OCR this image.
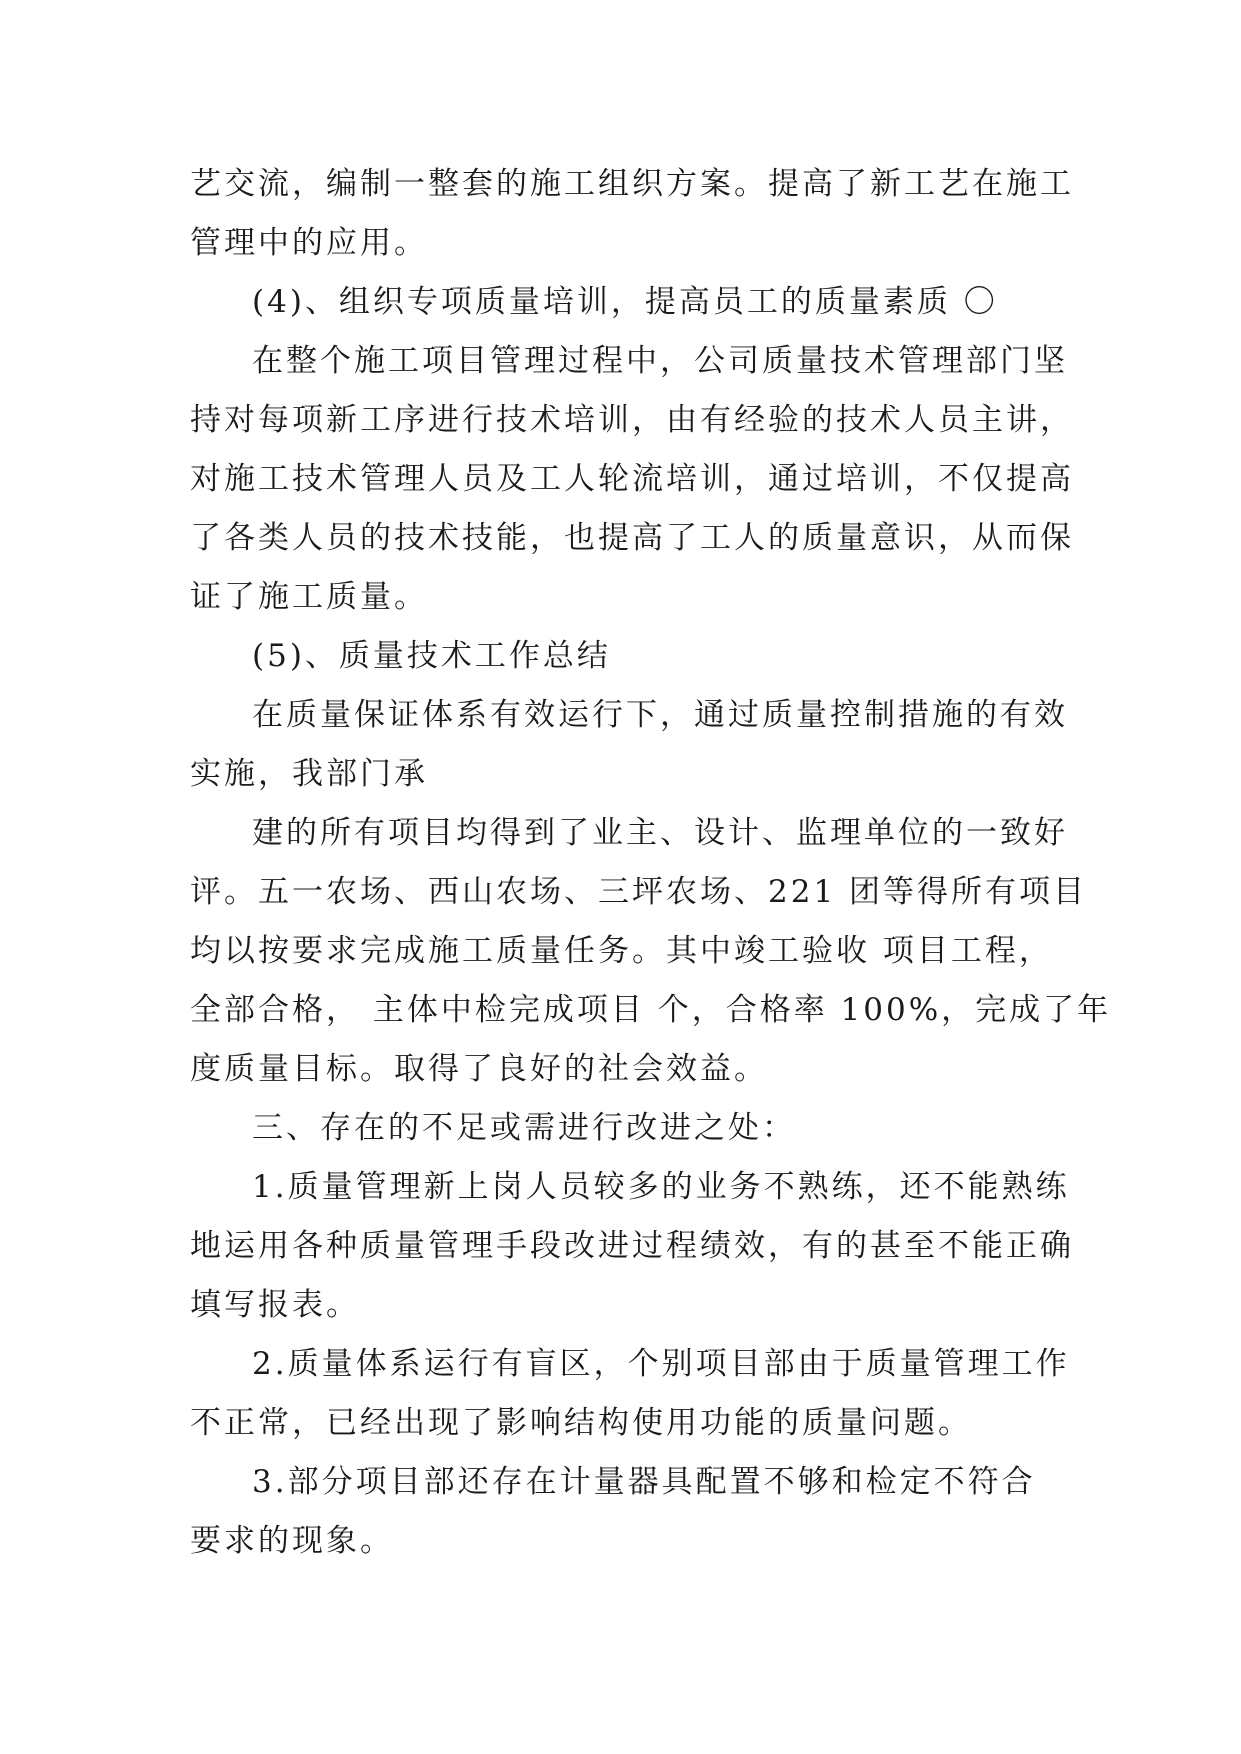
艺交流，编制一整套的施工组织方案。提高了新工艺在施工
管理中的应用。
(4)、组织专项质量培训，提高员工的质量素质 〇
在整个施工项目管理过程中，公司质量技术管理部门坚
持对每项新工序进行技术培训，由有经验的技术人员主讲，
对施工技术管理人员及工人轮流培训，通过培训，不仅提高
了各类人员的技术技能，也提高了工人的质量意识，从而保
证了施工质量。
(5)、质量技术工作总结
在质量保证体系有效运行下，通过质量控制措施的有效
实施，我部门承
建的所有项目均得到了业主、设计、监理单位的一致好
评。五一农场、西山农场、三坪农场、221 团等得所有项目
均以按要求完成施工质量任务。其中竣工验收 项目工程，
全部合格， 主体中检完成项目 个，合格率 100%，完成了年
度质量目标。取得了良好的社会效益。
三、存在的不足或需进行改进之处：
1.质量管理新上岗人员较多的业务不熟练，还不能熟练
地运用各种质量管理手段改进过程绩效，有的甚至不能正确
填写报表。
2.质量体系运行有盲区，个别项目部由于质量管理工作
不正常，已经出现了影响结构使用功能的质量问题。
3.部分项目部还存在计量器具配置不够和检定不符合
要求的现象。
